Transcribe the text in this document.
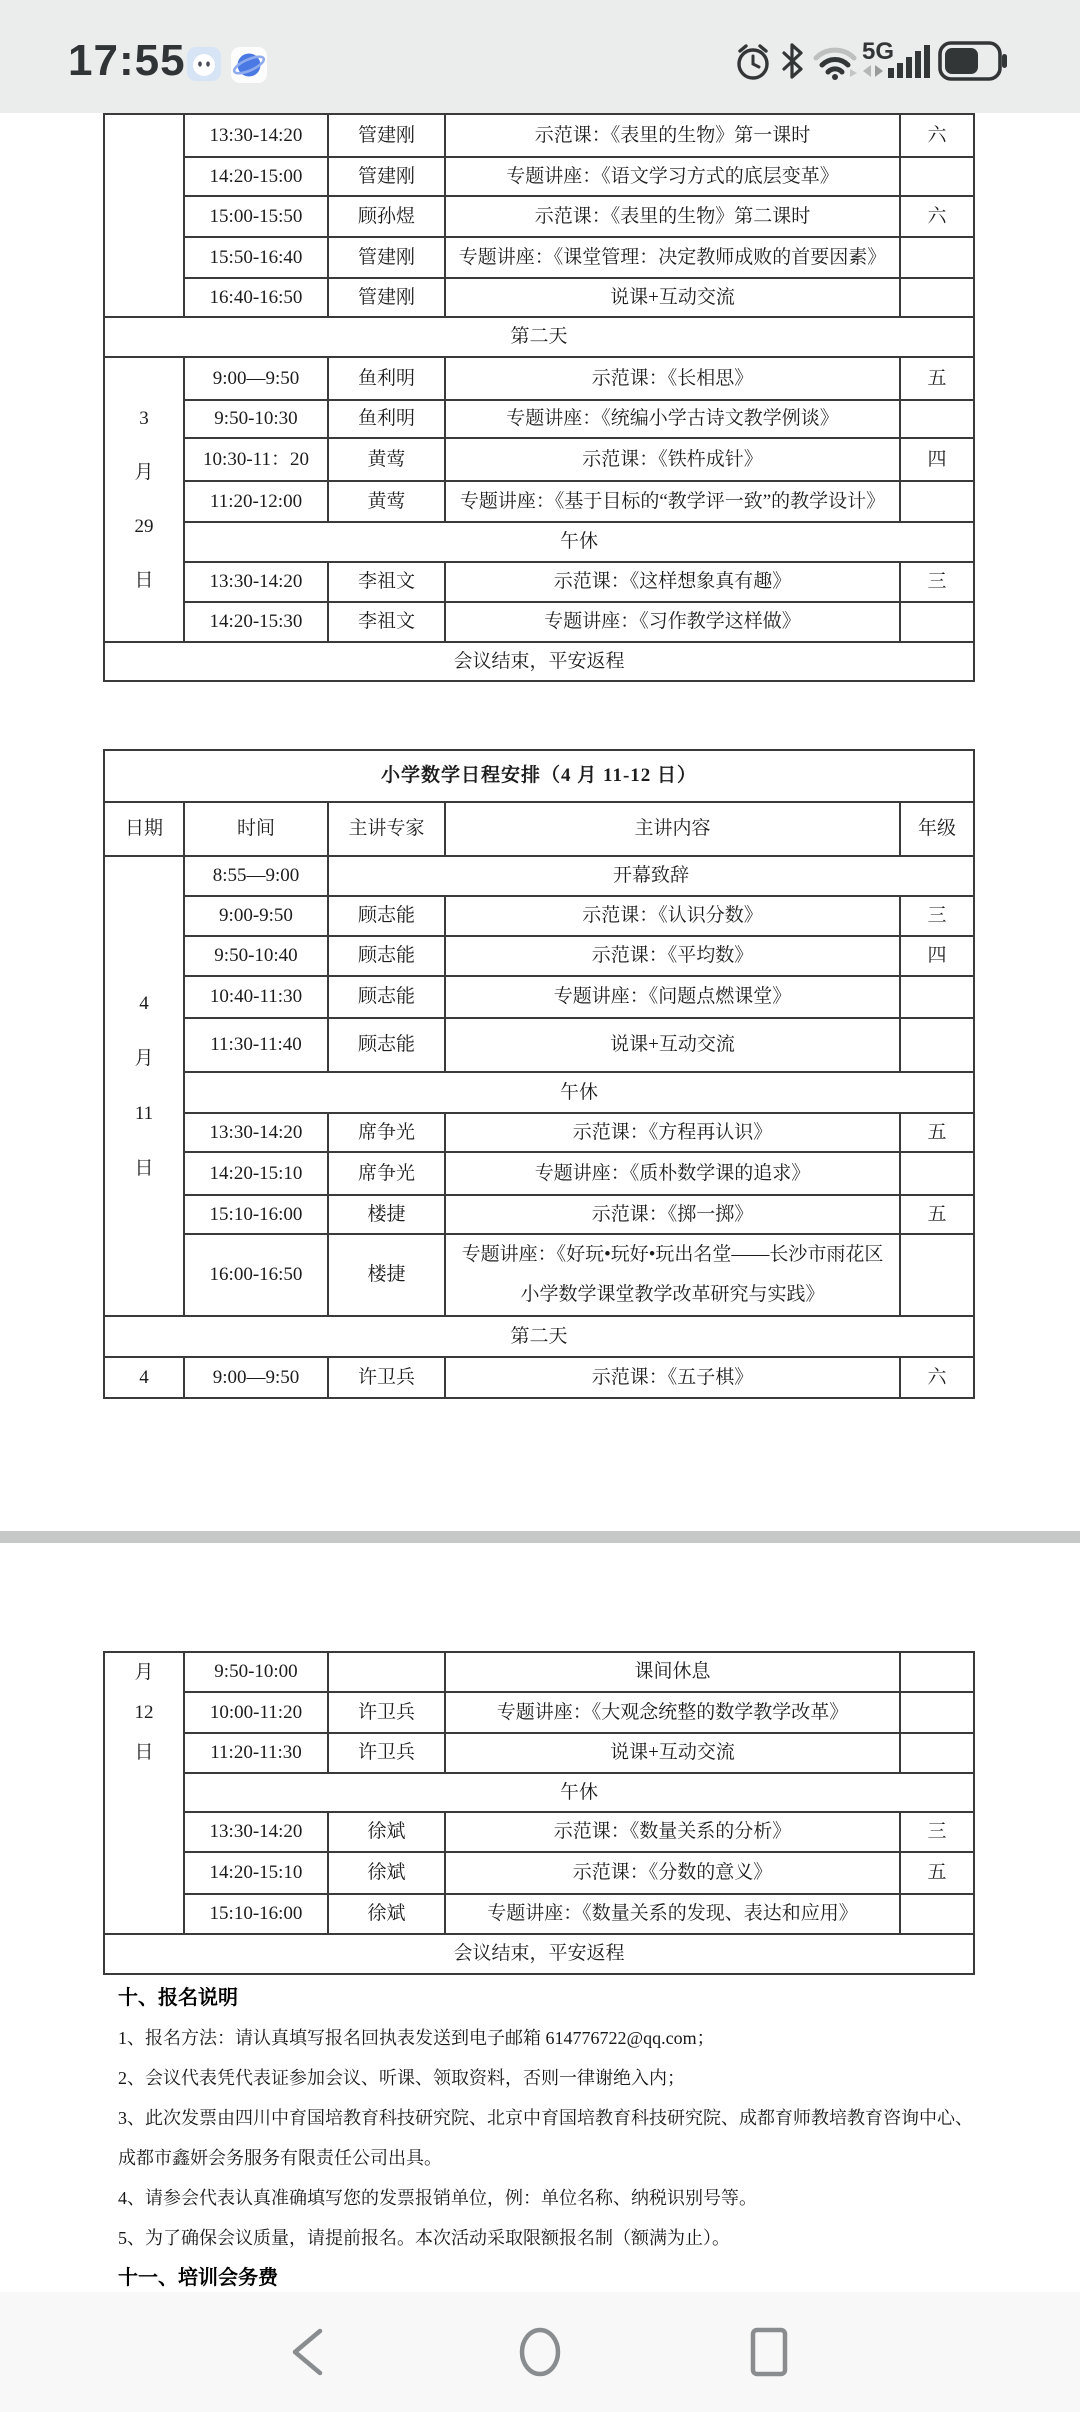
17:55	5G
	13:30-14:20	管建刚	示范课：《表里的生物》第一课时	六
	14:20-15:00	管建刚	专题讲座：《语文学习方式的底层变革》	
	15:00-15:50	顾孙煜	示范课：《表里的生物》第二课时	六
	15:50-16:40	管建刚	专题讲座：《课堂管理：决定教师成败的首要因素》	
	16:40-16:50	管建刚	说课+互动交流	
第二天				

3
月
29
日	9:00—9:50	鱼利明	示范课：《长相思》	五
	9:50-10:30	鱼利明	专题讲座：《统编小学古诗文教学例谈》	
	10:30-11：20	黄莺	示范课：《铁杵成针》	四
	11:20-12:00	黄莺	专题讲座：《基于目标的“教学评一致”的教学设计》	
	午休			
	13:30-14:20	李祖文	示范课：《这样想象真有趣》	三
	14:20-15:30	李祖文	专题讲座：《习作教学这样做》	
会议结束，平安返程				
小学数学日程安排（4 月 11-12 日）				
日期	时间	主讲专家	主讲内容	年级

4
月
11
日	8:55—9:00	开幕致辞		
	9:00-9:50	顾志能	示范课：《认识分数》	三
	9:50-10:40	顾志能	示范课：《平均数》	四
	10:40-11:30	顾志能	专题讲座：《问题点燃课堂》	
	11:30-11:40	顾志能	说课+互动交流	
	午休			
	13:30-14:20	席争光	示范课：《方程再认识》	五
	14:20-15:10	席争光	专题讲座：《质朴数学课的追求》	
	15:10-16:00	楼捷	示范课：《掷一掷》	五
	16:00-16:50	楼捷	专题讲座：《好玩•玩好•玩出名堂——长沙市雨花区
小学数学课堂教学改革研究与实践》	

第二天				
4	9:00—9:50	许卫兵	示范课：《五子棋》	六
月
12
日	9:50-10:00		课间休息	
	10:00-11:20	许卫兵	专题讲座：《大观念统整的数学教学改革》	
	11:20-11:30	许卫兵	说课+互动交流	
	午休			
	13:30-14:20	徐斌	示范课：《数量关系的分析》	三
	14:20-15:10	徐斌	示范课：《分数的意义》	五
	15:10-16:00	徐斌	专题讲座：《数量关系的发现、表达和应用》	
会议结束，平安返程				

十、报名说明

1、报名方法：请认真填写报名回执表发送到电子邮箱 614776722@qq.com；

2、会议代表凭代表证参加会议、听课、领取资料，否则一律谢绝入内；

3、此次发票由四川中育国培教育科技研究院、北京中育国培教育科技研究院、成都育师教培教育咨询中心、成都市鑫妍会务服务有限责任公司出具。

4、请参会代表认真准确填写您的发票报销单位，例：单位名称、纳税识别号等。

5、为了确保会议质量，请提前报名。本次活动采取限额报名制（额满为止）。

十一、培训会务费
